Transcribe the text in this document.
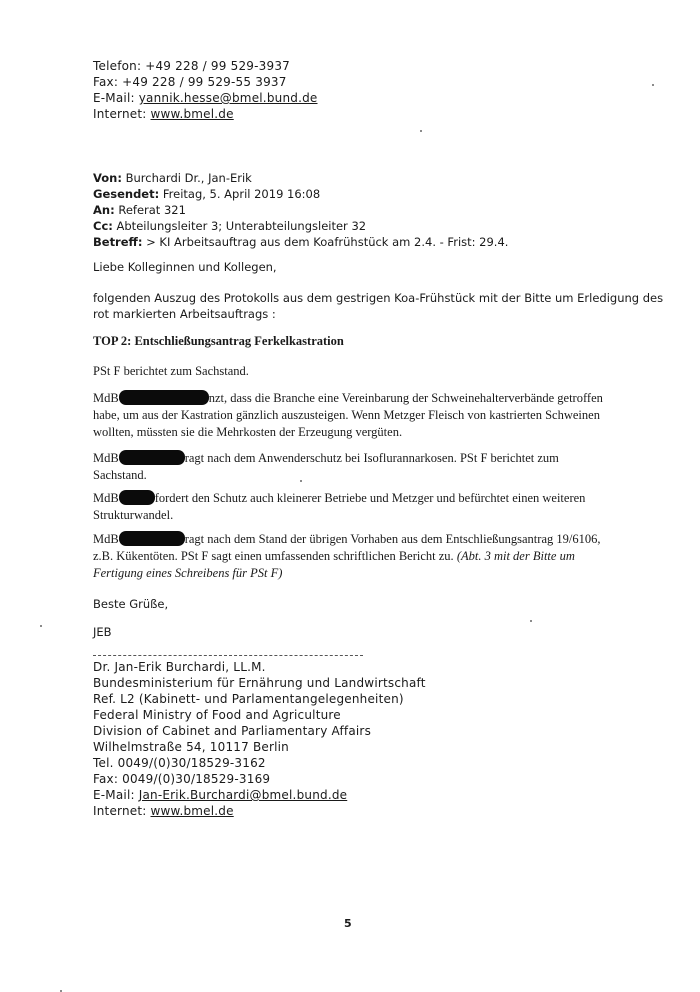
Telefon: +49 228 / 99 529-3937
Fax: +49 228 / 99 529-55 3937
E-Mail: yannik.hesse@bmel.bund.de
Internet: www.bmel.de
Von: Burchardi Dr., Jan-Erik
Gesendet: Freitag, 5. April 2019 16:08
An: Referat 321
Cc: Abteilungsleiter 3; Unterabteilungsleiter 32
Betreff: > KI Arbeitsauftrag aus dem Koafrühstück am 2.4. - Frist: 29.4.
Liebe Kolleginnen und Kollegen,
folgenden Auszug des Protokolls aus dem gestrigen Koa-Frühstück mit der Bitte um Erledigung des
rot markierten Arbeitsauftrags :
TOP 2: Entschließungsantrag Ferkelkastration
PSt F berichtet zum Sachstand.
MdB	nzt, dass die Branche eine Vereinbarung der Schweinehalterverbände getroffen
habe, um aus der Kastration gänzlich auszusteigen. Wenn Metzger Fleisch von kastrierten Schweinen
wollten, müssten sie die Mehrkosten der Erzeugung vergüten.
MdB	ragt nach dem Anwenderschutz bei Isoflurannarkosen. PSt F berichtet zum
Sachstand.
MdB	fordert den Schutz auch kleinerer Betriebe und Metzger und befürchtet einen weiteren
Strukturwandel.
MdB	ragt nach dem Stand der übrigen Vorhaben aus dem Entschließungsantrag 19/6106,
z.B. Kükentöten. PSt F sagt einen umfassenden schriftlichen Bericht zu. (Abt. 3 mit der Bitte um
Fertigung eines Schreibens für PSt F)
Beste Grüße,
JEB
Dr. Jan-Erik Burchardi, LL.M.
Bundesministerium für Ernährung und Landwirtschaft
Ref. L2 (Kabinett- und Parlamentangelegenheiten)
Federal Ministry of Food and Agriculture
Division of Cabinet and Parliamentary Affairs
Wilhelmstraße 54, 10117 Berlin
Tel. 0049/(0)30/18529-3162
Fax: 0049/(0)30/18529-3169
E-Mail: Jan-Erik.Burchardi@bmel.bund.de
Internet: www.bmel.de
5
